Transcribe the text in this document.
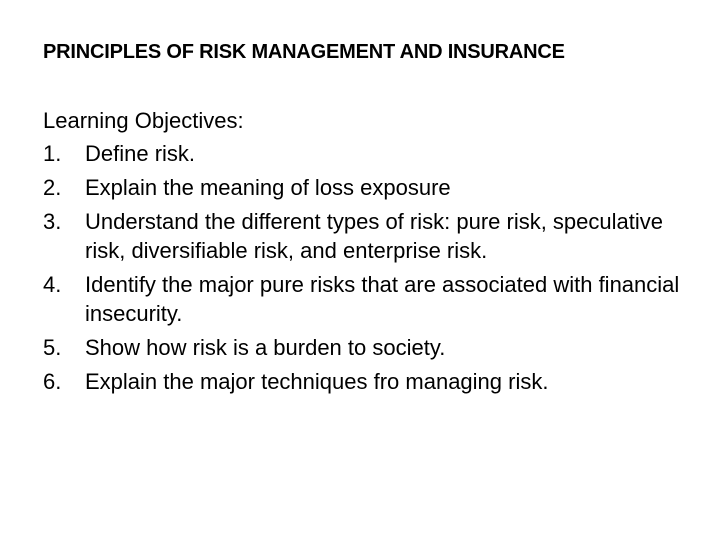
PRINCIPLES OF RISK MANAGEMENT AND INSURANCE

Learning Objectives:

1.	Define risk.
2.	Explain the meaning of loss exposure
3.	Understand the different types of risk: pure risk, speculative risk, diversifiable risk, and enterprise risk.
4.	Identify the major pure risks that are associated with financial insecurity.
5.	Show how risk is a burden to society.
6.	Explain the major techniques fro managing risk.
